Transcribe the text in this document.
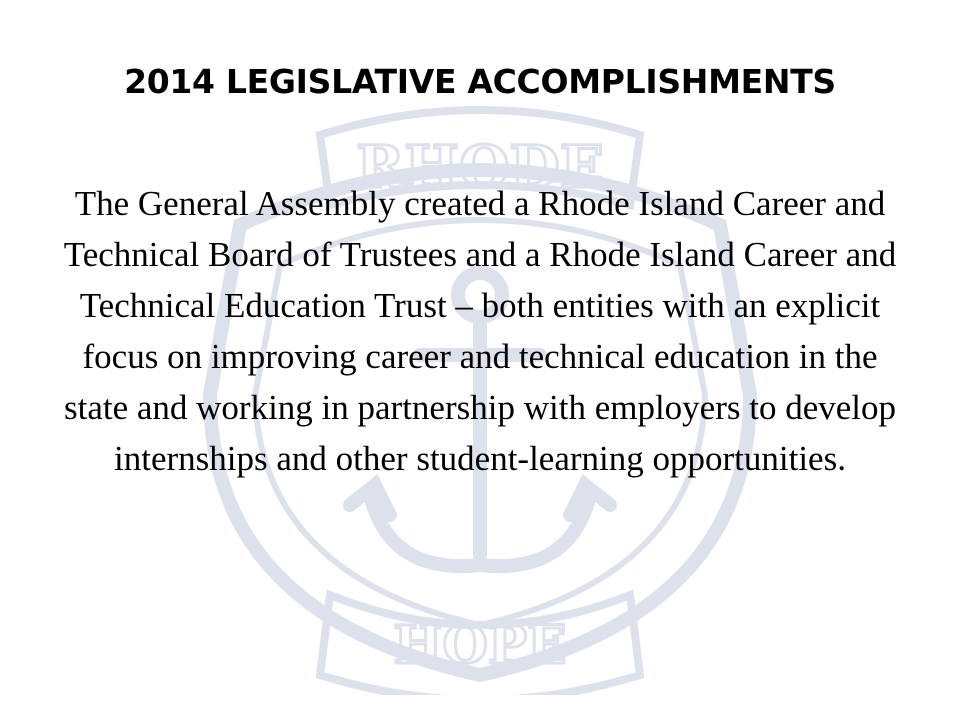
RHODE
HOPE
2014 LEGISLATIVE ACCOMPLISHMENTS

The General Assembly created a Rhode Island Career and Technical Board of Trustees and a Rhode Island Career and Technical Education Trust – both entities with an explicit focus on improving career and technical education in the state and working in partnership with employers to develop internships and other student-learning opportunities.
